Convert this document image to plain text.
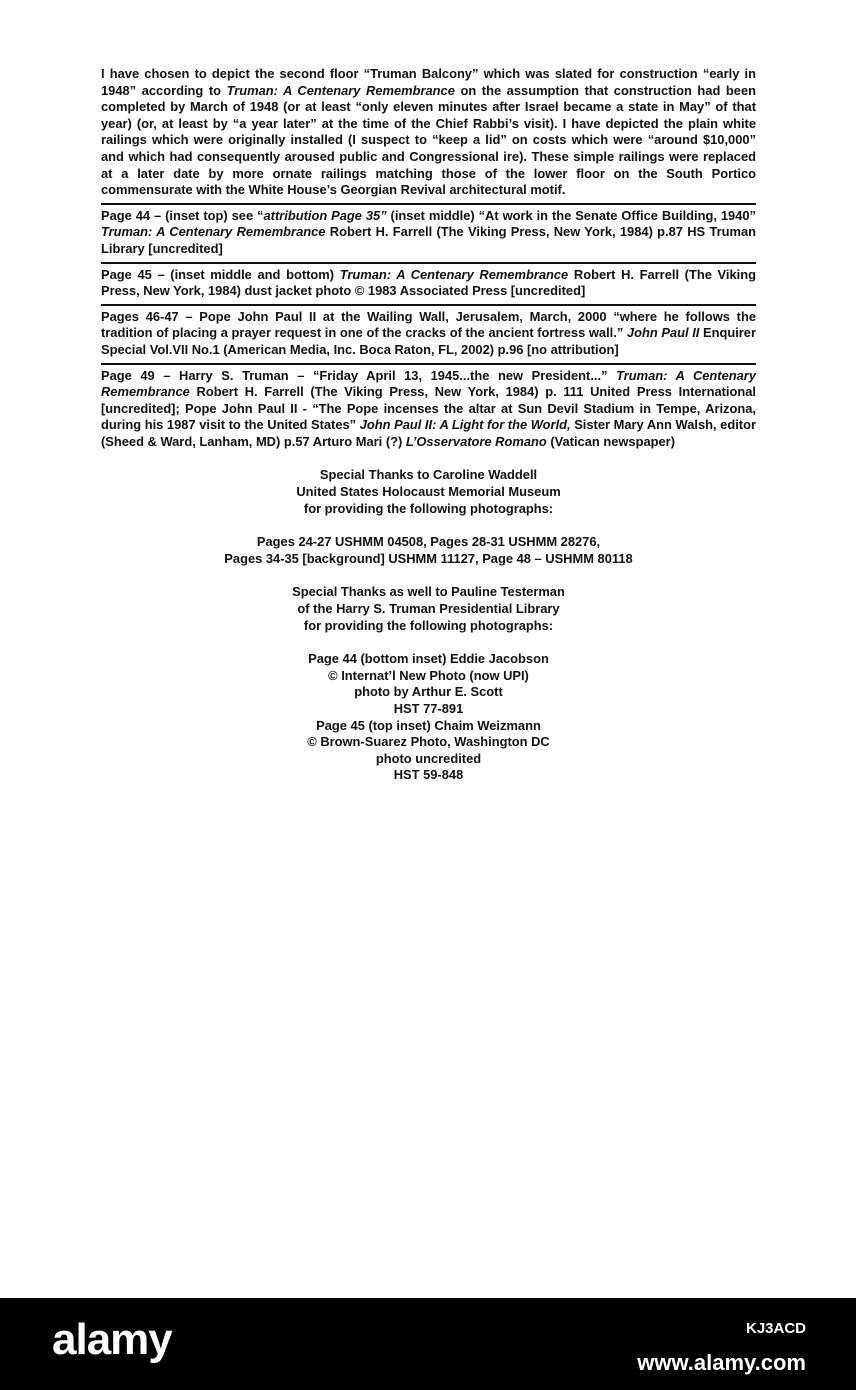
I have chosen to depict the second floor “Truman Balcony” which was slated for construction “early in 1948” according to Truman: A Centenary Remembrance on the assumption that construction had been completed by March of 1948 (or at least “only eleven minutes after Israel became a state in May” of that year) (or, at least by “a year later” at the time of the Chief Rabbi’s visit). I have depicted the plain white railings which were originally installed (I suspect to “keep a lid” on costs which were “around $10,000” and which had consequently aroused public and Congressional ire). These simple railings were replaced at a later date by more ornate railings matching those of the lower floor on the South Portico commensurate with the White House’s Georgian Revival architectural motif.

Page 44 – (inset top) see “attribution Page 35” (inset middle) “At work in the Senate Office Building, 1940” Truman: A Centenary Remembrance Robert H. Farrell (The Viking Press, New York, 1984) p.87 HS Truman Library [uncredited]

Page 45 – (inset middle and bottom) Truman: A Centenary Remembrance Robert H. Farrell (The Viking Press, New York, 1984) dust jacket photo © 1983 Associated Press [uncredited]

Pages 46-47 – Pope John Paul II at the Wailing Wall, Jerusalem, March, 2000 “where he follows the tradition of placing a prayer request in one of the cracks of the ancient fortress wall.” John Paul II Enquirer Special Vol.VII No.1 (American Media, Inc. Boca Raton, FL, 2002) p.96 [no attribution]

Page 49 – Harry S. Truman – “Friday April 13, 1945...the new President...” Truman: A Centenary Remembrance Robert H. Farrell (The Viking Press, New York, 1984) p. 111 United Press International [uncredited]; Pope John Paul II - “The Pope incenses the altar at Sun Devil Stadium in Tempe, Arizona, during his 1987 visit to the United States” John Paul II: A Light for the World, Sister Mary Ann Walsh, editor (Sheed & Ward, Lanham, MD) p.57 Arturo Mari (?) L’Osservatore Romano (Vatican newspaper)

Special Thanks to Caroline Waddell
United States Holocaust Memorial Museum
for providing the following photographs:

Pages 24-27 USHMM 04508, Pages 28-31 USHMM 28276,
Pages 34-35 [background] USHMM 11127, Page 48 – USHMM 80118

Special Thanks as well to Pauline Testerman
of the Harry S. Truman Presidential Library
for providing the following photographs:

Page 44 (bottom inset) Eddie Jacobson
© Internat’l New Photo (now UPI)
photo by Arthur E. Scott
HST 77-891
Page 45 (top inset) Chaim Weizmann
© Brown-Suarez Photo, Washington DC
photo uncredited
HST 59-848

alamy	KJ3ACD
www.alamy.com
